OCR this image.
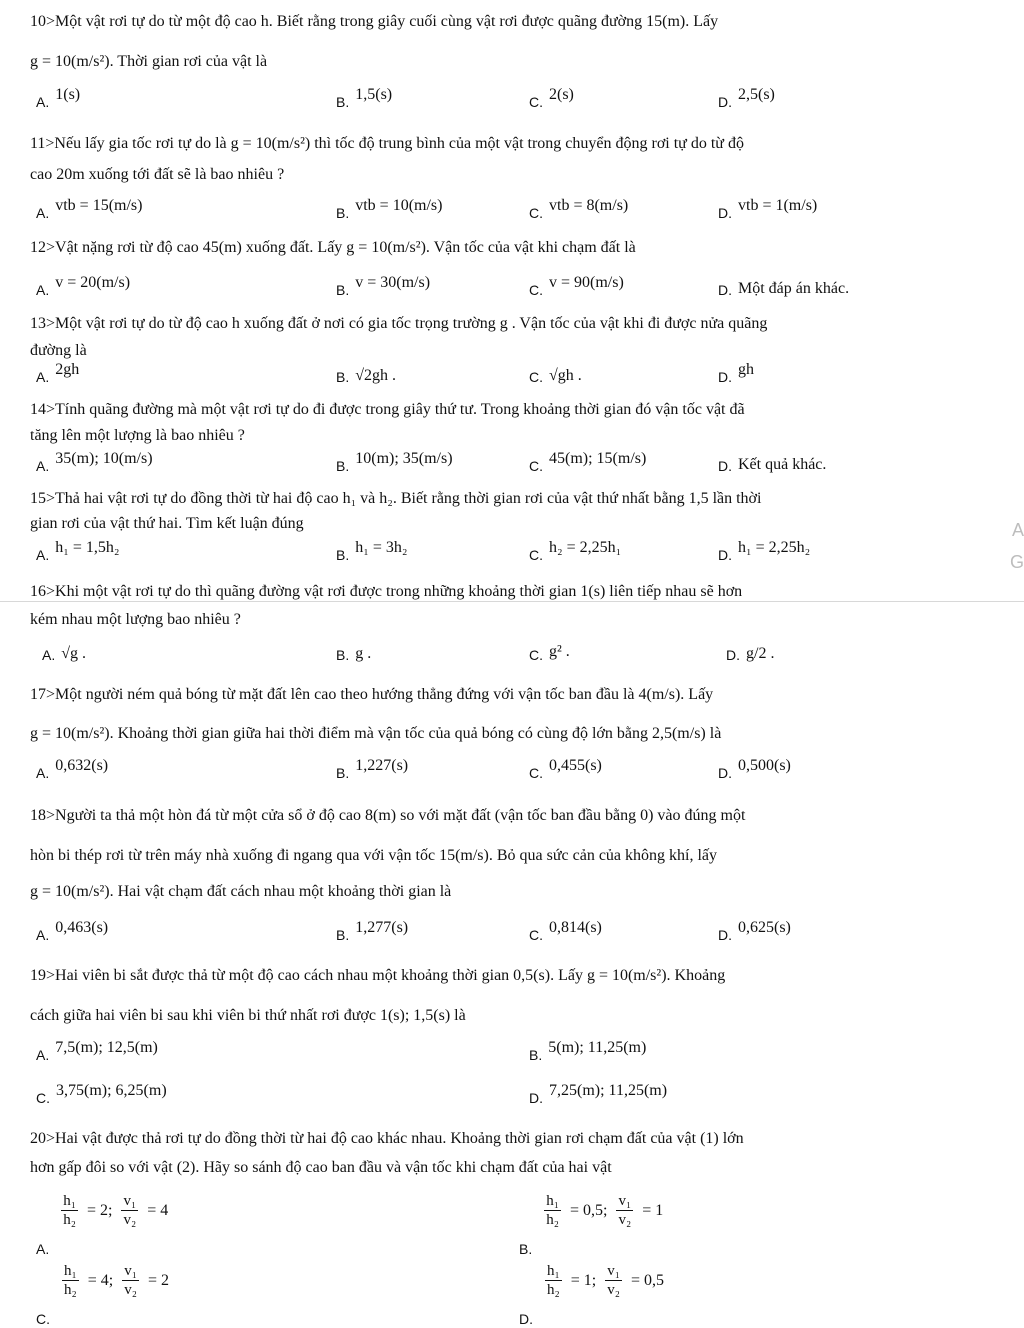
10>Một vật rơi tự do từ một độ cao h. Biết rằng trong giây cuối cùng vật rơi được quãng đường 15(m). Lấy
g = 10(m/s²). Thời gian rơi của vật là
A. 1(s)	B. 1,5(s)	C. 2(s)	D. 2,5(s)
11>Nếu lấy gia tốc rơi tự do là g = 10(m/s²) thì tốc độ trung bình của một vật trong chuyển động rơi tự do từ độ
cao 20m xuống tới đất sẽ là bao nhiêu ?
A. vtb = 15(m/s)	B. vtb = 10(m/s)	C. vtb = 8(m/s)	D. vtb = 1(m/s)
12>Vật nặng rơi từ độ cao 45(m) xuống đất. Lấy g = 10(m/s²). Vận tốc của vật khi chạm đất là
A. v = 20(m/s)	B. v = 30(m/s)	C. v = 90(m/s)	D. Một đáp án khác.
13>Một vật rơi tự do từ độ cao h xuống đất ở nơi có gia tốc trọng trường g . Vận tốc của vật khi đi được nửa quãng
đường là
A. 2gh	B. √2gh .	C. √gh .	D. gh
14>Tính quãng đường mà một vật rơi tự do đi được trong giây thứ tư. Trong khoảng thời gian đó vận tốc vật đã
tăng lên một lượng là bao nhiêu ?
A. 35(m); 10(m/s)	B. 10(m); 35(m/s)	C. 45(m); 15(m/s)	D. Kết quả khác.
15>Thả hai vật rơi tự do đồng thời từ hai độ cao h₁ và h₂. Biết rằng thời gian rơi của vật thứ nhất bằng 1,5 lần thời
gian rơi của vật thứ hai. Tìm kết luận đúng
A. h₁ = 1,5h₂	B. h₁ = 3h₂	C. h₂ = 2,25h₁	D. h₁ = 2,25h₂
A
G
16>Khi một vật rơi tự do thì quãng đường vật rơi được trong những khoảng thời gian 1(s) liên tiếp nhau sẽ hơn
kém nhau một lượng bao nhiêu ?
A. √g .	B. g .	C. g² .	D. g/2 .
17>Một người ném quả bóng từ mặt đất lên cao theo hướng thẳng đứng với vận tốc ban đầu là 4(m/s). Lấy
g = 10(m/s²). Khoảng thời gian giữa hai thời điểm mà vận tốc của quả bóng có cùng độ lớn bằng 2,5(m/s) là
A. 0,632(s)	B. 1,227(s)	C. 0,455(s)	D. 0,500(s)
18>Người ta thả một hòn đá từ một cửa sổ ở độ cao 8(m) so với mặt đất (vận tốc ban đầu bằng 0) vào đúng một
hòn bi thép rơi từ trên máy nhà xuống đi ngang qua với vận tốc 15(m/s). Bỏ qua sức cản của không khí, lấy
g = 10(m/s²). Hai vật chạm đất cách nhau một khoảng thời gian là
A. 0,463(s)	B. 1,277(s)	C. 0,814(s)	D. 0,625(s)
19>Hai viên bi sắt được thả từ một độ cao cách nhau một khoảng thời gian 0,5(s). Lấy g = 10(m/s²). Khoảng
cách giữa hai viên bi sau khi viên bi thứ nhất rơi được 1(s); 1,5(s) là
A. 7,5(m); 12,5(m)	B. 5(m); 11,25(m)
C. 3,75(m); 6,25(m)	D. 7,25(m); 11,25(m)
20>Hai vật được thả rơi tự do đồng thời từ hai độ cao khác nhau. Khoảng thời gian rơi chạm đất của vật (1) lớn
hơn gấp đôi so với vật (2). Hãy so sánh độ cao ban đầu và vận tốc khi chạm đất của hai vật
A.
$\frac{\text{h₁}}{\text{h₂}} = 2$; $\frac{\text{v₁}}{\text{v₂}} = 4$
B.
$\frac{\text{h₁}}{\text{h₂}} = 0,5$; $\frac{\text{v₁}}{\text{v₂}} = 1$
C.
$\frac{\text{h₁}}{\text{h₂}} = 4$; $\frac{\text{v₁}}{\text{v₂}} = 2$
D.
$\frac{\text{h₁}}{\text{h₂}} = 1$; $\frac{\text{v₁}}{\text{v₂}} = 0,5$
